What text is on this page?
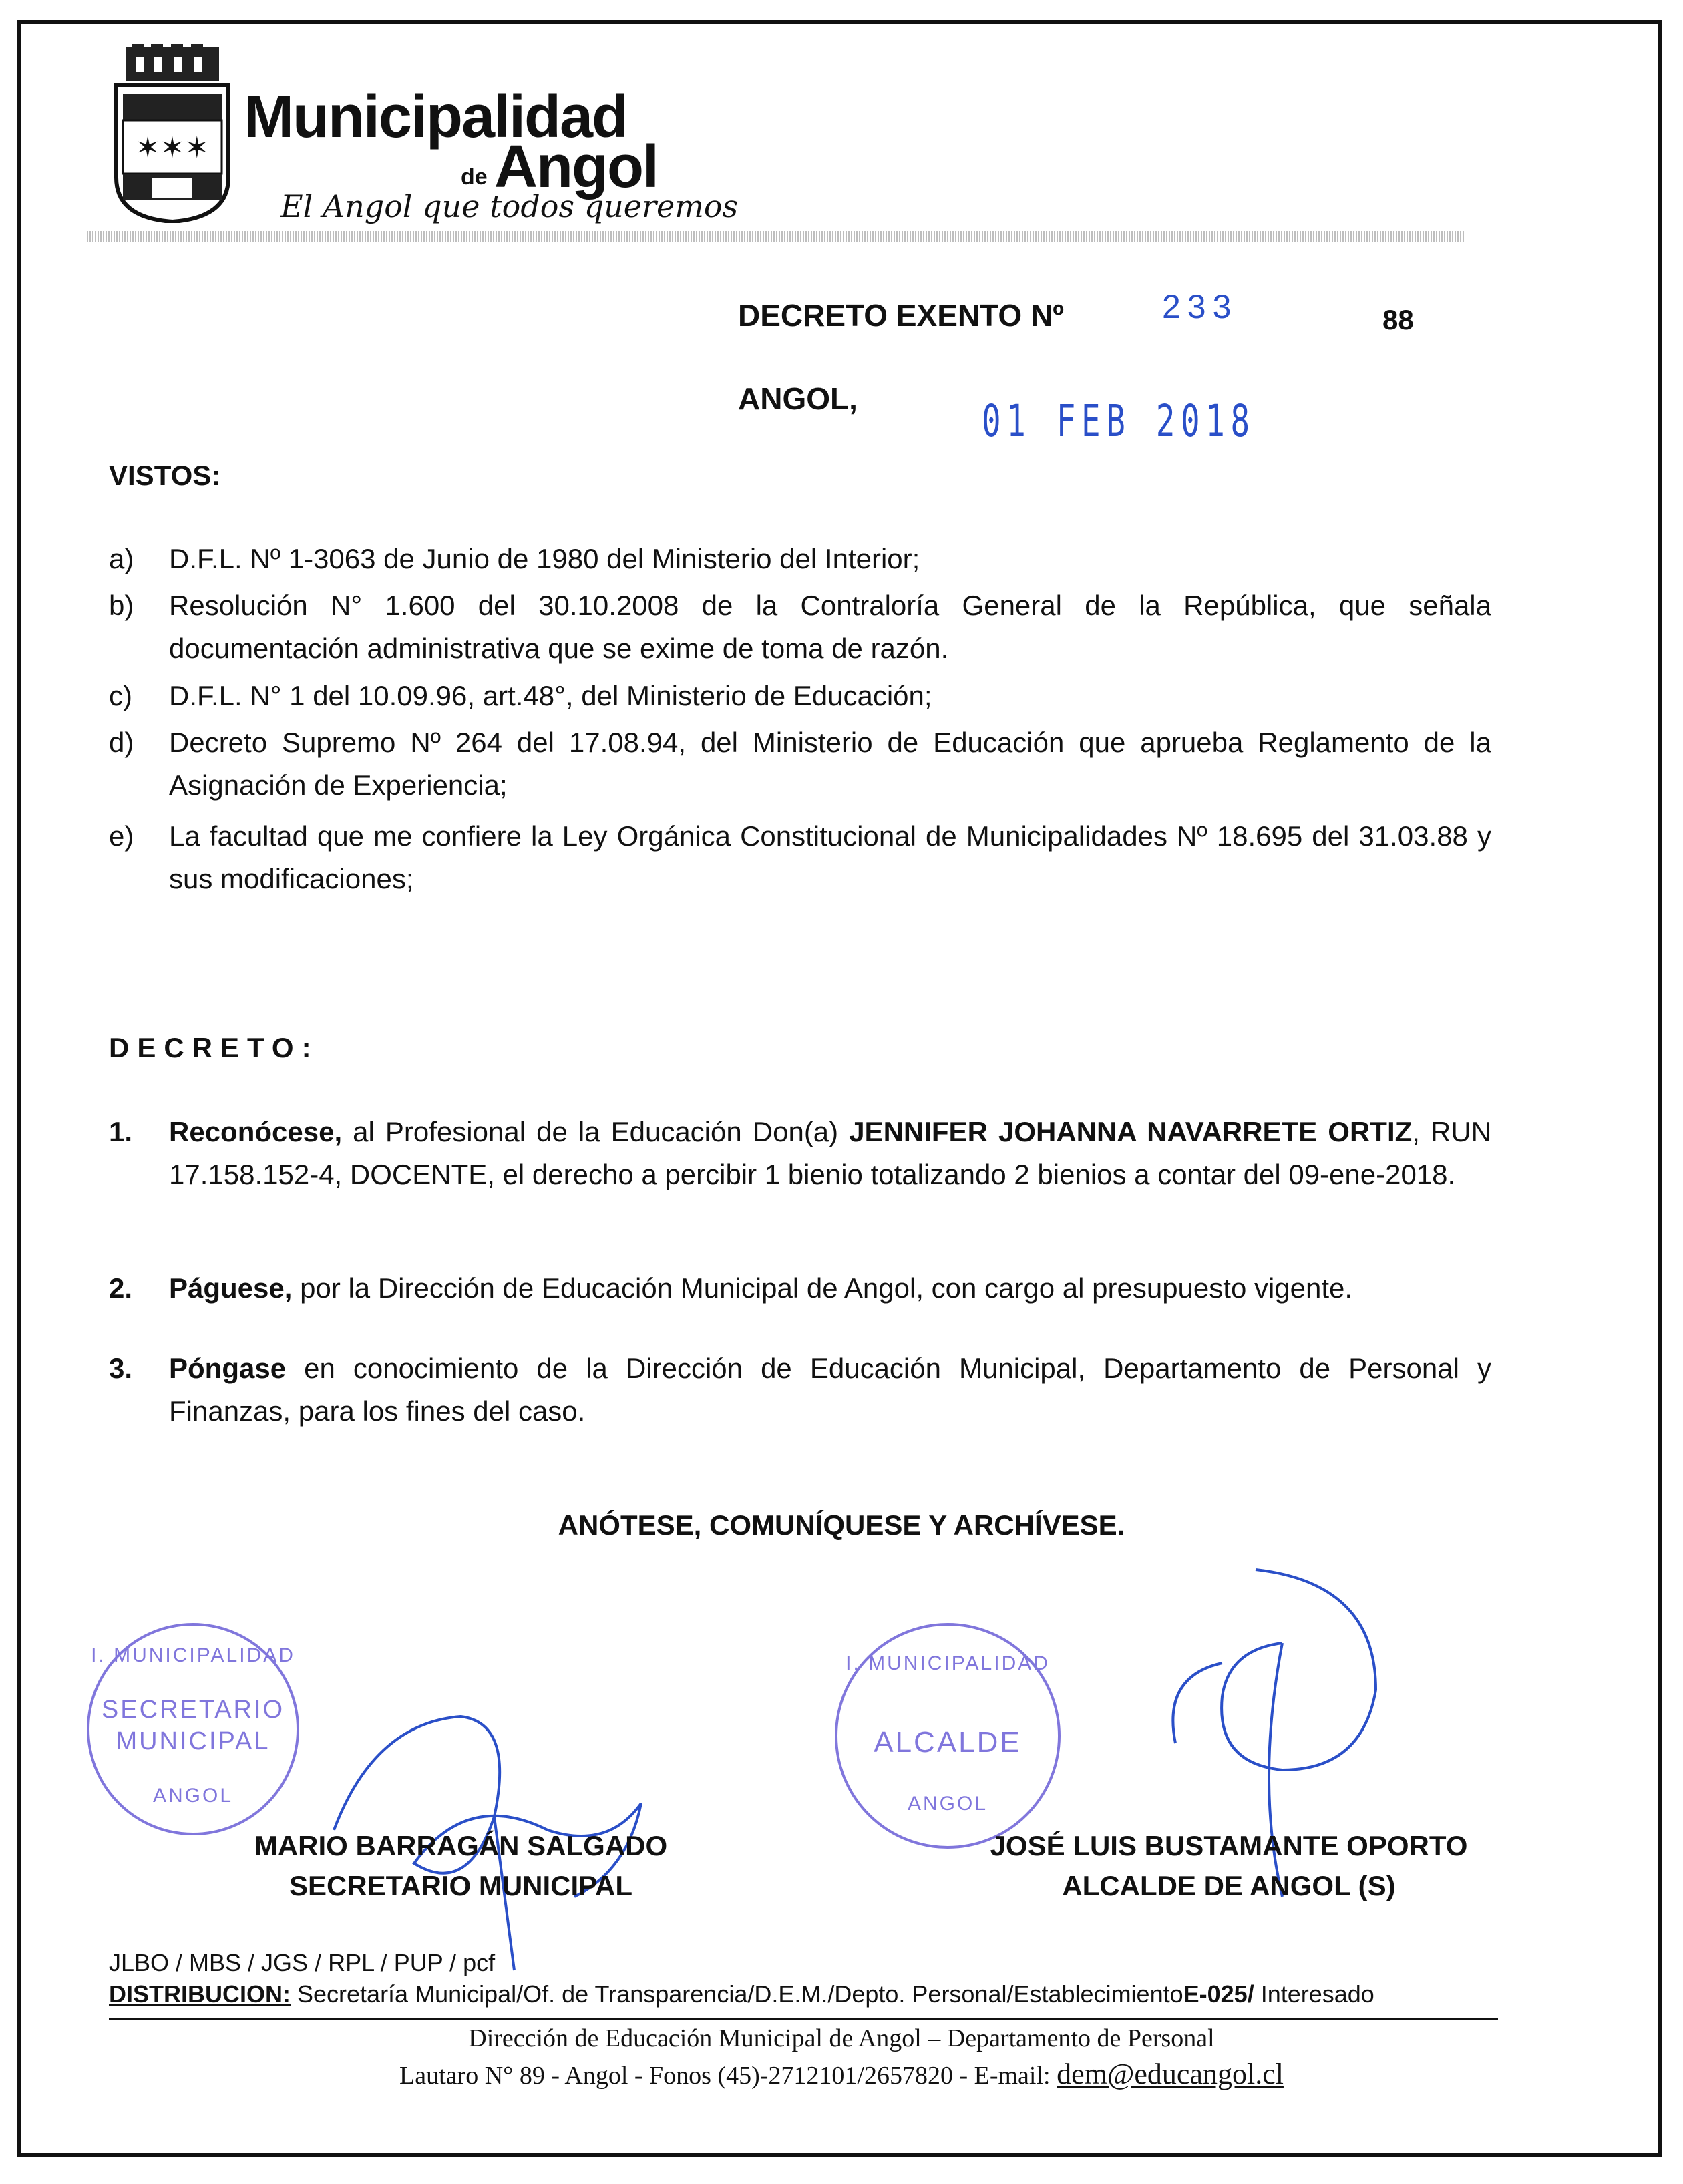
✶✶✶ Municipalidad
de Angol
El Angol que todos queremos
DECRETO EXENTO Nº	233	88
ANGOL,	01 FEB 2018
VISTOS:
a) D.F.L. Nº 1-3063 de Junio de 1980 del Ministerio del Interior;
b) Resolución N° 1.600 del 30.10.2008 de la Contraloría General de la República, que señala documentación administrativa que se exime de toma de razón.
c) D.F.L. N° 1 del 10.09.96, art.48°, del Ministerio de Educación;
d) Decreto Supremo Nº 264 del 17.08.94, del Ministerio de Educación que aprueba Reglamento de la Asignación de Experiencia;
e) La facultad que me confiere la Ley Orgánica Constitucional de Municipalidades Nº 18.695 del 31.03.88 y sus modificaciones;
DECRETO:
1. Reconócese, al Profesional de la Educación Don(a) JENNIFER JOHANNA NAVARRETE ORTIZ, RUN 17.158.152-4, DOCENTE, el derecho a percibir 1 bienio totalizando 2 bienios a contar del 09-ene-2018.
2. Páguese, por la Dirección de Educación Municipal de Angol, con cargo al presupuesto vigente.
3. Póngase en conocimiento de la Dirección de Educación Municipal, Departamento de Personal y Finanzas, para los fines del caso.
ANÓTESE, COMUNÍQUESE Y ARCHÍVESE.
I. MUNICIPALIDAD
SECRETARIO
MUNICIPAL
ANGOL
I. MUNICIPALIDAD
ALCALDE
ANGOL
MARIO BARRAGÁN SALGADO
SECRETARIO MUNICIPAL
JOSÉ LUIS BUSTAMANTE OPORTO
ALCALDE DE ANGOL (S)
JLBO / MBS / JGS / RPL / PUP / pcf
DISTRIBUCION: Secretaría Municipal/Of. de Transparencia/D.E.M./Depto. Personal/EstablecimientoE-025/ Interesado
Dirección de Educación Municipal de Angol – Departamento de Personal
Lautaro N° 89 - Angol - Fonos (45)-2712101/2657820 - E-mail: dem@educangol.cl
